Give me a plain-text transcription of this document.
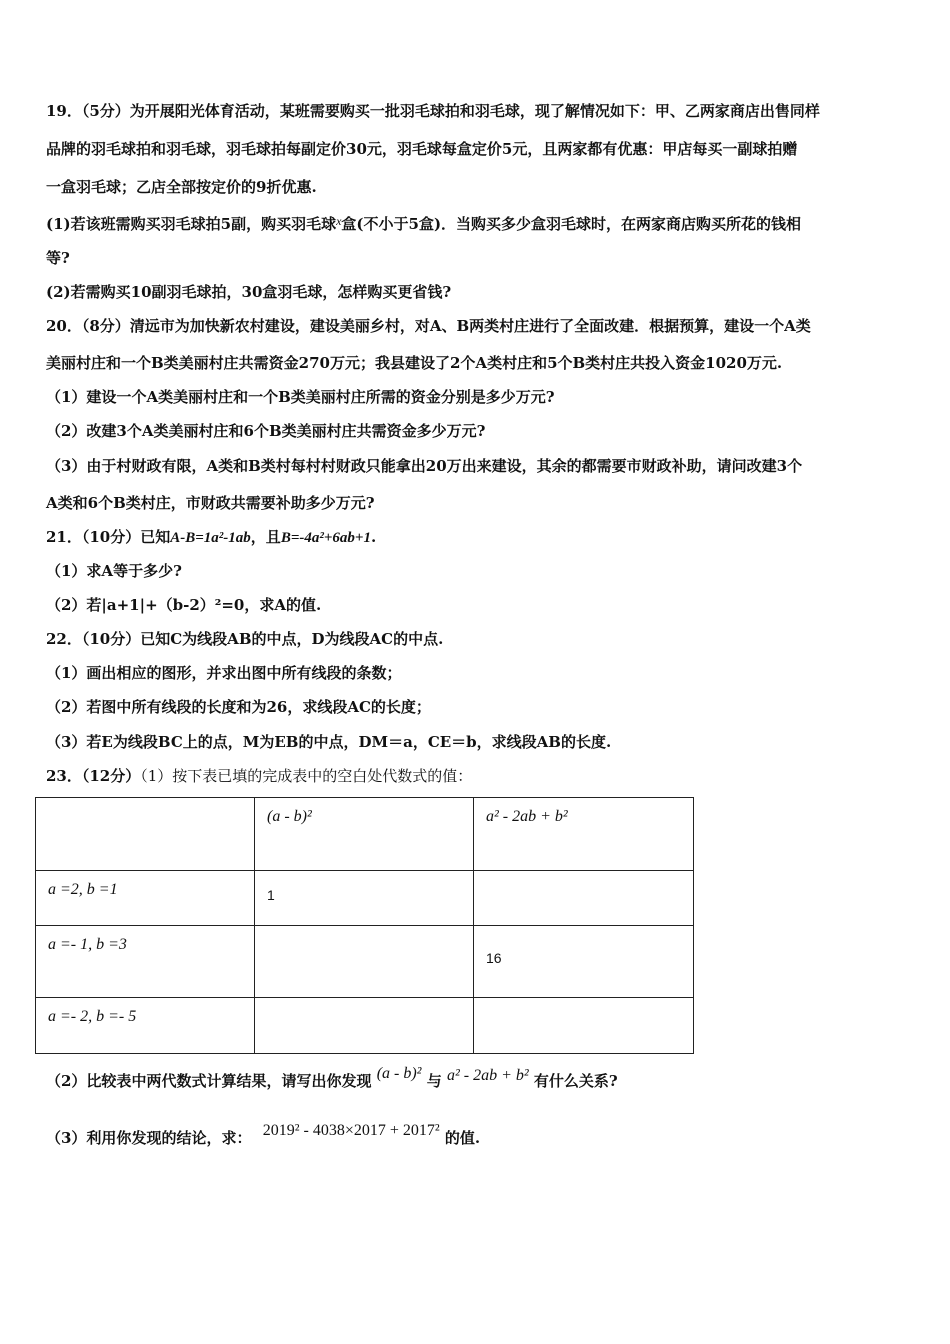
19．（5分）为开展阳光体育活动，某班需要购买一批羽毛球拍和羽毛球，现了解情况如下：甲、乙两家商店出售同样
品牌的羽毛球拍和羽毛球，羽毛球拍每副定价30元，羽毛球每盒定价5元，且两家都有优惠：甲店每买一副球拍赠
一盒羽毛球；乙店全部按定价的9折优惠.
(1)若该班需购买羽毛球拍5副，购买羽毛球$^x$盒(不小于5盒)．当购买多少盒羽毛球时，在两家商店购买所花的钱相
等?
(2)若需购买10副羽毛球拍，30盒羽毛球，怎样购买更省钱?
20．（8分）清远市为加快新农村建设，建设美丽乡村，对A、B两类村庄进行了全面改建．根据预算，建设一个A类
美丽村庄和一个B类美丽村庄共需资金270万元；我县建设了2个A类村庄和5个B类村庄共投入资金1020万元.
（1）建设一个A类美丽村庄和一个B类美丽村庄所需的资金分别是多少万元?
（2）改建3个A类美丽村庄和6个B类美丽村庄共需资金多少万元?
（3）由于村财政有限，A类和B类村每村村财政只能拿出20万出来建设，其余的都需要市财政补助，请问改建3个
A类和6个B类村庄，市财政共需要补助多少万元?
21．（10分）已知A-B=1a²-1ab，且B=-4a²+6ab+1.
（1）求A等于多少?
（2）若|a+1|+（b-2）²=0，求A的值.
22．（10分）已知C为线段AB的中点，D为线段AC的中点.
（1）画出相应的图形，并求出图中所有线段的条数；
（2）若图中所有线段的长度和为26，求线段AC的长度；
（3）若E为线段BC上的点，M为EB的中点，DM＝a，CE＝b，求线段AB的长度.
23．（12分）（1）按下表已填的完成表中的空白处代数式的值：
	(a - b)²	a² - 2ab + b²
a =2, b =1	1	
a =- 1, b =3		16
a =- 2, b =- 5		
（2）比较表中两代数式计算结果，请写出你发现 (a - b)² 与 a² - 2ab + b² 有什么关系?
（3）利用你发现的结论，求： 2019² - 4038×2017 + 2017² 的值.
